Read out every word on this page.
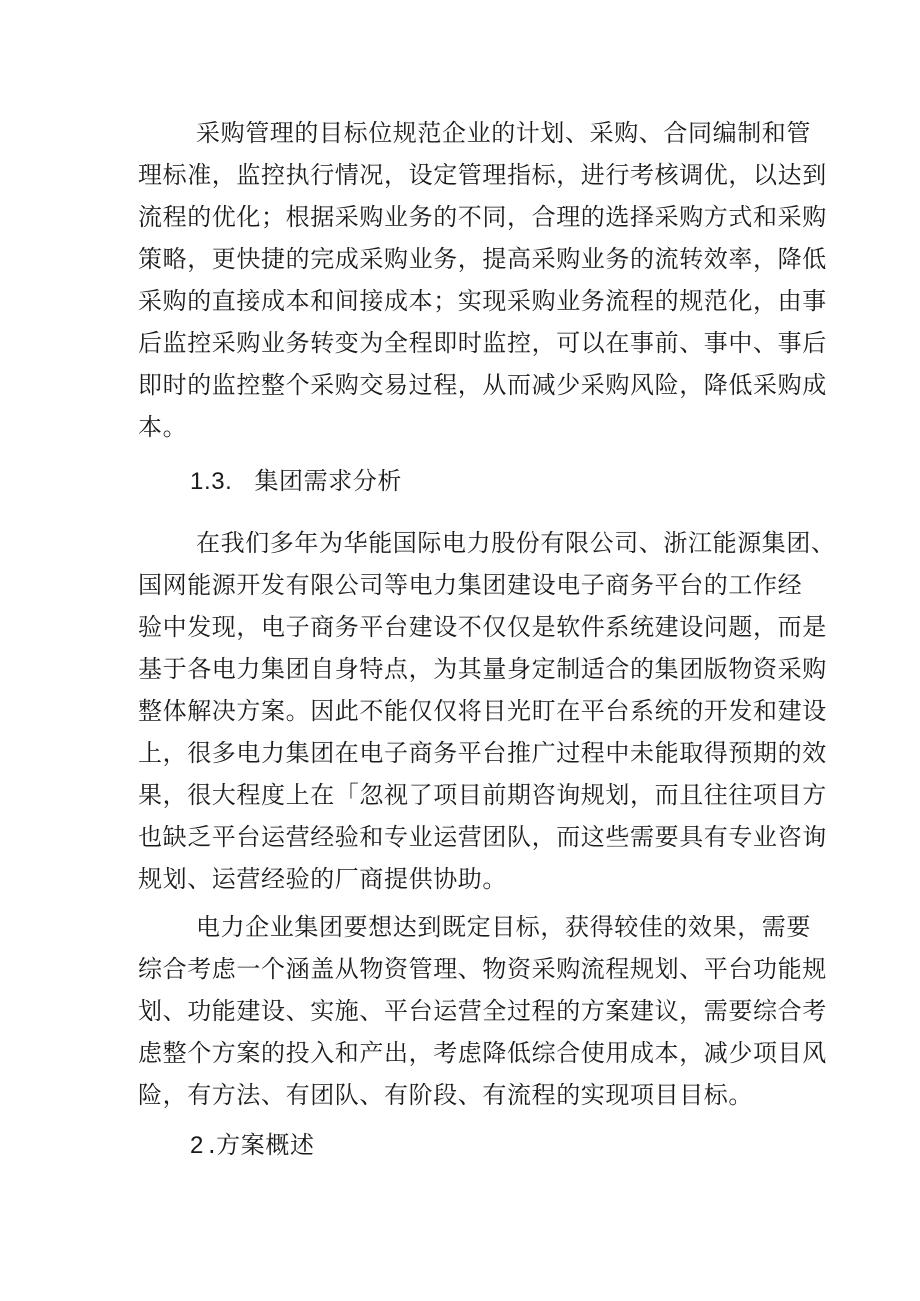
采购管理的目标位规范企业的计划、采购、合同编制和管
理标准，监控执行情况，设定管理指标，进行考核调优，以达到
流程的优化；根据采购业务的不同，合理的选择采购方式和采购
策略，更快捷的完成采购业务，提高采购业务的流转效率，降低
采购的直接成本和间接成本；实现采购业务流程的规范化，由事
后监控采购业务转变为全程即时监控，可以在事前、事中、事后
即时的监控整个采购交易过程，从而减少采购风险，降低采购成
本。
1.3. 集团需求分析
在我们多年为华能国际电力股份有限公司、浙江能源集团、
国网能源开发有限公司等电力集团建设电子商务平台的工作经
验中发现，电子商务平台建设不仅仅是软件系统建设问题，而是
基于各电力集团自身特点，为其量身定制适合的集团版物资采购
整体解决方案。因此不能仅仅将目光盯在平台系统的开发和建设
上，很多电力集团在电子商务平台推广过程中未能取得预期的效
果，很大程度上在「忽视了项目前期咨询规划，而且往往项目方
也缺乏平台运营经验和专业运营团队，而这些需要具有专业咨询
规划、运营经验的厂商提供协助。
电力企业集团要想达到既定目标，获得较佳的效果，需要
综合考虑一个涵盖从物资管理、物资采购流程规划、平台功能规
划、功能建设、实施、平台运营全过程的方案建议，需要综合考
虑整个方案的投入和产出，考虑降低综合使用成本，减少项目风
险，有方法、有团队、有阶段、有流程的实现项目目标。
2 .方案概述
